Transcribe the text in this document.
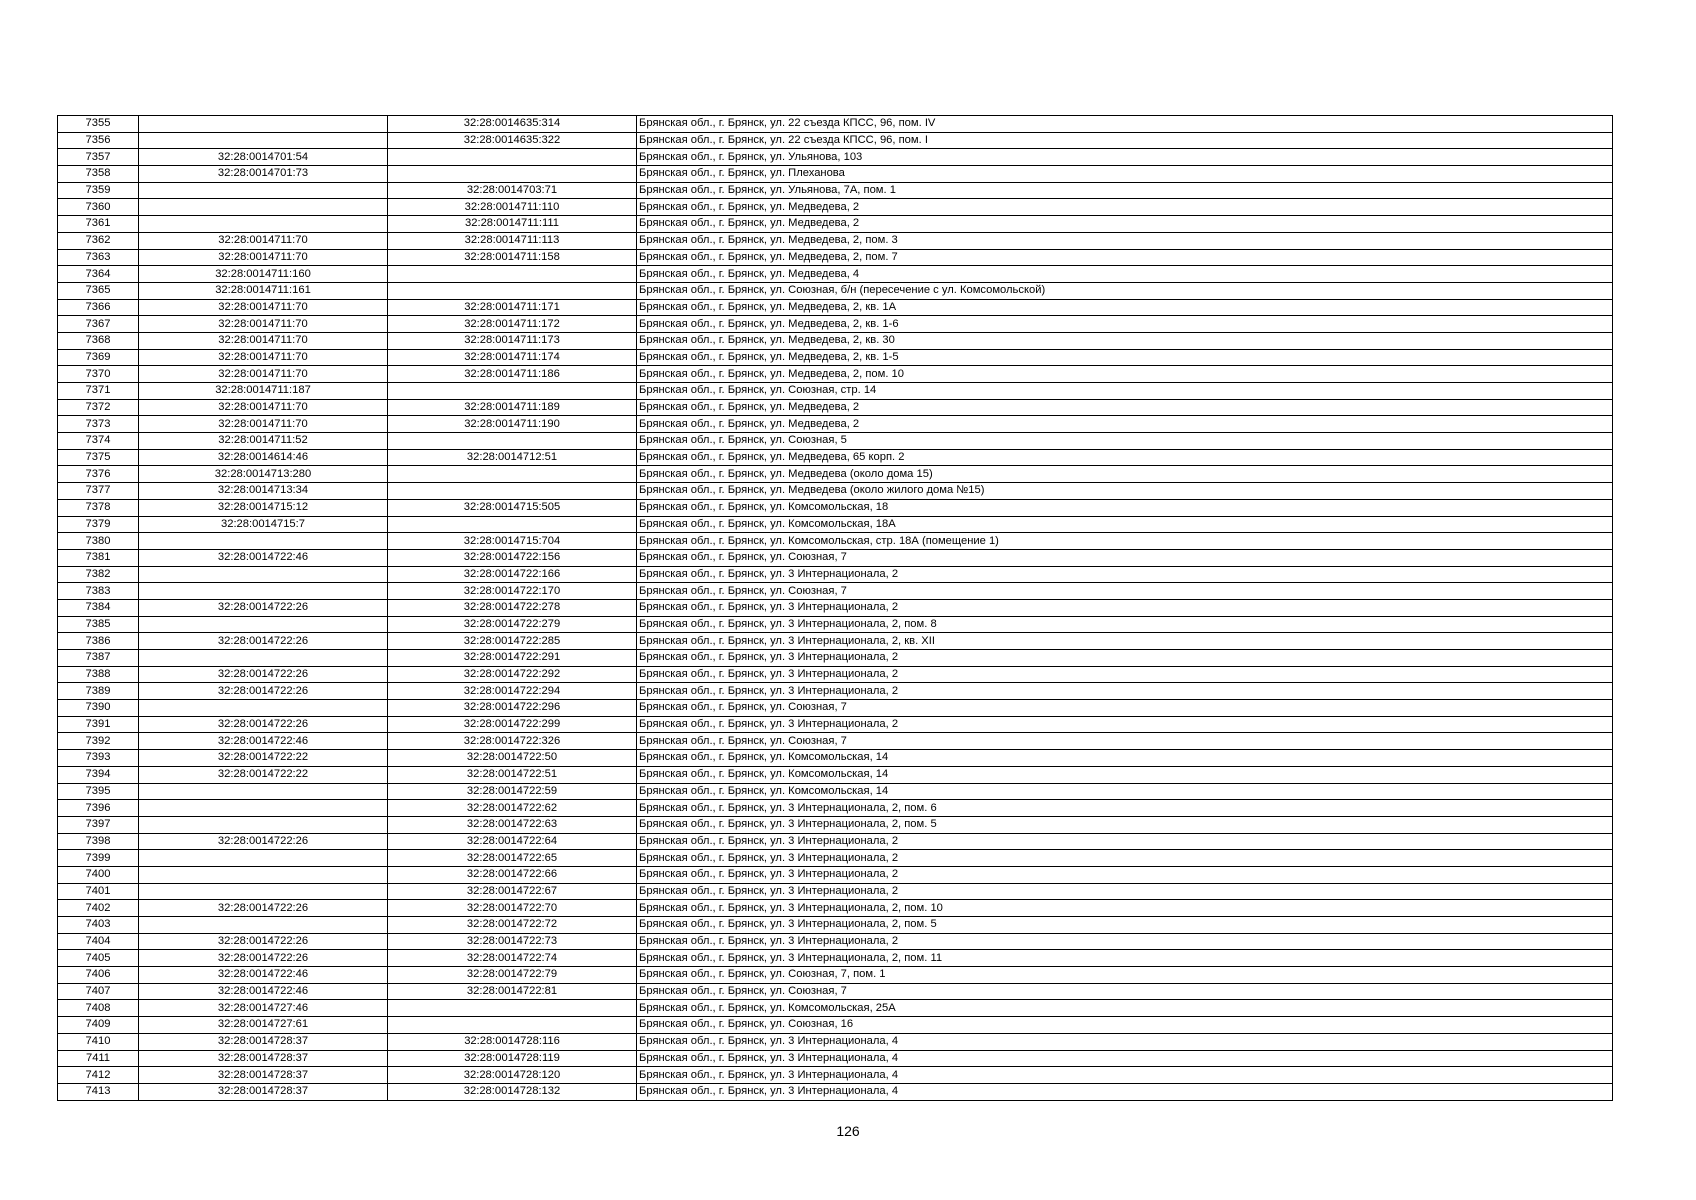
7355		32:28:0014635:314	Брянская обл., г. Брянск, ул. 22 съезда КПСС, 96, пом. IV
7356		32:28:0014635:322	Брянская обл., г. Брянск, ул. 22 съезда КПСС, 96, пом. I
7357	32:28:0014701:54		Брянская обл., г. Брянск, ул. Ульянова, 103
7358	32:28:0014701:73		Брянская обл., г. Брянск, ул. Плеханова
7359		32:28:0014703:71	Брянская обл., г. Брянск, ул. Ульянова, 7А, пом. 1
7360		32:28:0014711:110	Брянская обл., г. Брянск, ул. Медведева, 2
7361		32:28:0014711:111	Брянская обл., г. Брянск, ул. Медведева, 2
7362	32:28:0014711:70	32:28:0014711:113	Брянская обл., г. Брянск, ул. Медведева, 2, пом. 3
7363	32:28:0014711:70	32:28:0014711:158	Брянская обл., г. Брянск, ул. Медведева, 2, пом. 7
7364	32:28:0014711:160		Брянская обл., г. Брянск, ул. Медведева, 4
7365	32:28:0014711:161		Брянская обл., г. Брянск, ул. Союзная, б/н (пересечение с ул. Комсомольской)
7366	32:28:0014711:70	32:28:0014711:171	Брянская обл., г. Брянск, ул. Медведева, 2, кв. 1А
7367	32:28:0014711:70	32:28:0014711:172	Брянская обл., г. Брянск, ул. Медведева, 2, кв. 1-6
7368	32:28:0014711:70	32:28:0014711:173	Брянская обл., г. Брянск, ул. Медведева, 2, кв. 30
7369	32:28:0014711:70	32:28:0014711:174	Брянская обл., г. Брянск, ул. Медведева, 2, кв. 1-5
7370	32:28:0014711:70	32:28:0014711:186	Брянская обл., г. Брянск, ул. Медведева, 2, пом. 10
7371	32:28:0014711:187		Брянская обл., г. Брянск, ул. Союзная, стр. 14
7372	32:28:0014711:70	32:28:0014711:189	Брянская обл., г. Брянск, ул. Медведева, 2
7373	32:28:0014711:70	32:28:0014711:190	Брянская обл., г. Брянск, ул. Медведева, 2
7374	32:28:0014711:52		Брянская обл., г. Брянск, ул. Союзная, 5
7375	32:28:0014614:46	32:28:0014712:51	Брянская обл., г. Брянск, ул. Медведева, 65 корп. 2
7376	32:28:0014713:280		Брянская обл., г. Брянск, ул. Медведева (около дома 15)
7377	32:28:0014713:34		Брянская обл., г. Брянск, ул. Медведева (около жилого дома №15)
7378	32:28:0014715:12	32:28:0014715:505	Брянская обл., г. Брянск, ул. Комсомольская, 18
7379	32:28:0014715:7		Брянская обл., г. Брянск, ул. Комсомольская, 18А
7380		32:28:0014715:704	Брянская обл., г. Брянск, ул. Комсомольская, стр. 18А (помещение 1)
7381	32:28:0014722:46	32:28:0014722:156	Брянская обл., г. Брянск, ул. Союзная, 7
7382		32:28:0014722:166	Брянская обл., г. Брянск, ул. 3 Интернационала, 2
7383		32:28:0014722:170	Брянская обл., г. Брянск, ул. Союзная, 7
7384	32:28:0014722:26	32:28:0014722:278	Брянская обл., г. Брянск, ул. 3 Интернационала, 2
7385		32:28:0014722:279	Брянская обл., г. Брянск, ул. 3 Интернационала, 2, пом. 8
7386	32:28:0014722:26	32:28:0014722:285	Брянская обл., г. Брянск, ул. 3 Интернационала, 2, кв. XII
7387		32:28:0014722:291	Брянская обл., г. Брянск, ул. 3 Интернационала, 2
7388	32:28:0014722:26	32:28:0014722:292	Брянская обл., г. Брянск, ул. 3 Интернационала, 2
7389	32:28:0014722:26	32:28:0014722:294	Брянская обл., г. Брянск, ул. 3 Интернационала, 2
7390		32:28:0014722:296	Брянская обл., г. Брянск, ул. Союзная, 7
7391	32:28:0014722:26	32:28:0014722:299	Брянская обл., г. Брянск, ул. 3 Интернационала, 2
7392	32:28:0014722:46	32:28:0014722:326	Брянская обл., г. Брянск, ул. Союзная, 7
7393	32:28:0014722:22	32:28:0014722:50	Брянская обл., г. Брянск, ул. Комсомольская, 14
7394	32:28:0014722:22	32:28:0014722:51	Брянская обл., г. Брянск, ул. Комсомольская, 14
7395		32:28:0014722:59	Брянская обл., г. Брянск, ул. Комсомольская, 14
7396		32:28:0014722:62	Брянская обл., г. Брянск, ул. 3 Интернационала, 2, пом. 6
7397		32:28:0014722:63	Брянская обл., г. Брянск, ул. 3 Интернационала, 2, пом. 5
7398	32:28:0014722:26	32:28:0014722:64	Брянская обл., г. Брянск, ул. 3 Интернационала, 2
7399		32:28:0014722:65	Брянская обл., г. Брянск, ул. 3 Интернационала, 2
7400		32:28:0014722:66	Брянская обл., г. Брянск, ул. 3 Интернационала, 2
7401		32:28:0014722:67	Брянская обл., г. Брянск, ул. 3 Интернационала, 2
7402	32:28:0014722:26	32:28:0014722:70	Брянская обл., г. Брянск, ул. 3 Интернационала, 2, пом. 10
7403		32:28:0014722:72	Брянская обл., г. Брянск, ул. 3 Интернационала, 2, пом. 5
7404	32:28:0014722:26	32:28:0014722:73	Брянская обл., г. Брянск, ул. 3 Интернационала, 2
7405	32:28:0014722:26	32:28:0014722:74	Брянская обл., г. Брянск, ул. 3 Интернационала, 2, пом. 11
7406	32:28:0014722:46	32:28:0014722:79	Брянская обл., г. Брянск, ул. Союзная, 7, пом. 1
7407	32:28:0014722:46	32:28:0014722:81	Брянская обл., г. Брянск, ул. Союзная, 7
7408	32:28:0014727:46		Брянская обл., г. Брянск, ул. Комсомольская, 25А
7409	32:28:0014727:61		Брянская обл., г. Брянск, ул. Союзная, 16
7410	32:28:0014728:37	32:28:0014728:116	Брянская обл., г. Брянск, ул. 3 Интернационала, 4
7411	32:28:0014728:37	32:28:0014728:119	Брянская обл., г. Брянск, ул. 3 Интернационала, 4
7412	32:28:0014728:37	32:28:0014728:120	Брянская обл., г. Брянск, ул. 3 Интернационала, 4
7413	32:28:0014728:37	32:28:0014728:132	Брянская обл., г. Брянск, ул. 3 Интернационала, 4
126
